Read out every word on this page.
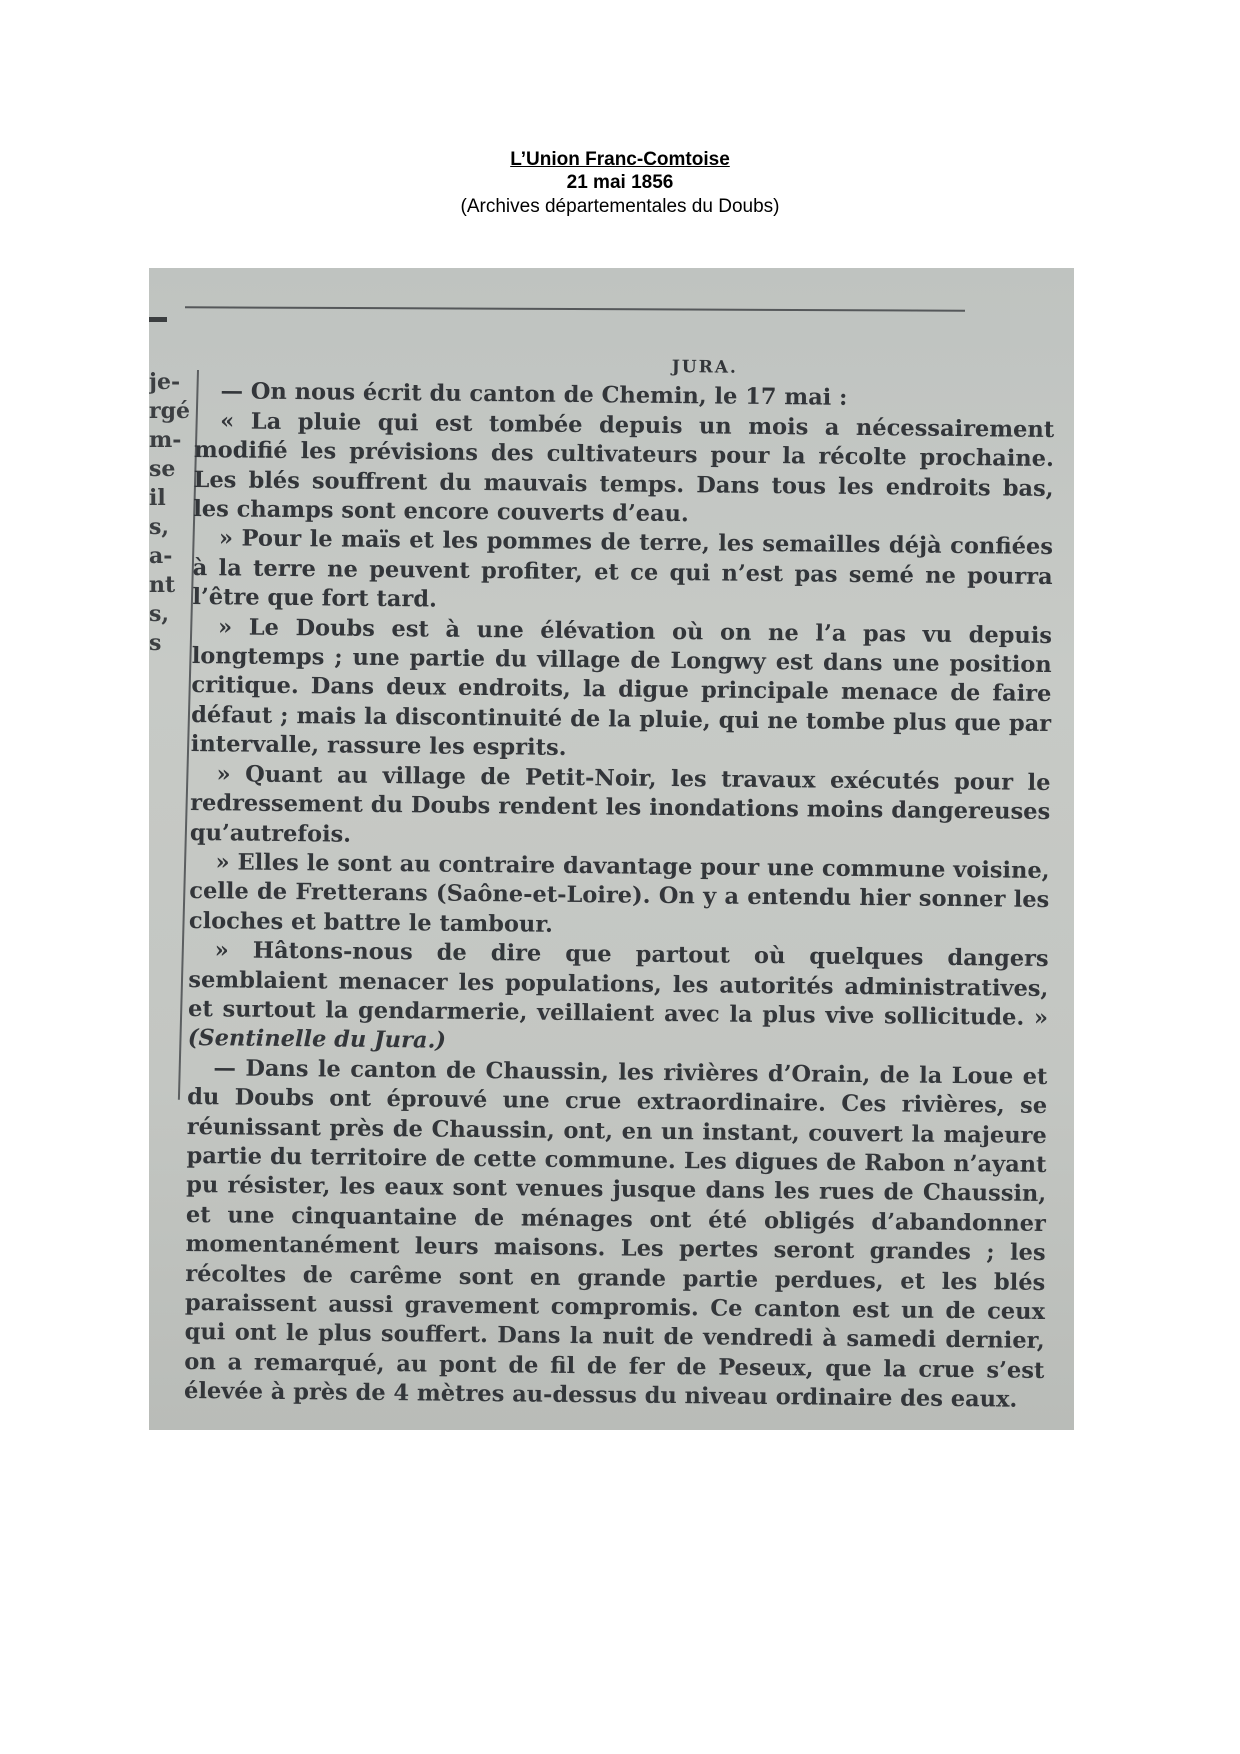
L’Union Franc-Comtoise
21 mai 1856
(Archives départementales du Doubs)
je-
rgé
m-
se
il
s,
a-
nt
s,
s
JURA.

— On nous écrit du canton de Chemin, le 17 mai :

« La pluie qui est tombée depuis un mois a nécessairement modifié les prévisions des cultivateurs pour la récolte prochaine. Les blés souffrent du mauvais temps. Dans tous les endroits bas, les champs sont encore couverts d’eau.

» Pour le maïs et les pommes de terre, les semailles déjà confiées à la terre ne peuvent profiter, et ce qui n’est pas semé ne pourra l’être que fort tard.

» Le Doubs est à une élévation où on ne l’a pas vu depuis longtemps ; une partie du village de Longwy est dans une position critique. Dans deux endroits, la digue principale menace de faire défaut ; mais la discontinuité de la pluie, qui ne tombe plus que par intervalle, rassure les esprits.

» Quant au village de Petit-Noir, les travaux exécutés pour le redressement du Doubs rendent les inondations moins dangereuses qu’autrefois.

» Elles le sont au contraire davantage pour une commune voisine, celle de Fretterans (Saône-et-Loire). On y a entendu hier sonner les cloches et battre le tambour.

» Hâtons-nous de dire que partout où quelques dangers semblaient menacer les populations, les autorités administratives, et surtout la gendarmerie, veillaient avec la plus vive sollicitude. » (Sentinelle du Jura.)

— Dans le canton de Chaussin, les rivières d’Orain, de la Loue et du Doubs ont éprouvé une crue extraordinaire. Ces rivières, se réunissant près de Chaussin, ont, en un instant, couvert la majeure partie du territoire de cette commune. Les digues de Rabon n’ayant pu résister, les eaux sont venues jusque dans les rues de Chaussin, et une cinquantaine de ménages ont été obligés d’abandonner momentanément leurs maisons. Les pertes seront grandes ; les récoltes de carême sont en grande partie perdues, et les blés paraissent aussi gravement compromis. Ce canton est un de ceux qui ont le plus souffert. Dans la nuit de vendredi à samedi dernier, on a remarqué, au pont de fil de fer de Peseux, que la crue s’est élevée à près de 4 mètres au-dessus du niveau ordinaire des eaux.
